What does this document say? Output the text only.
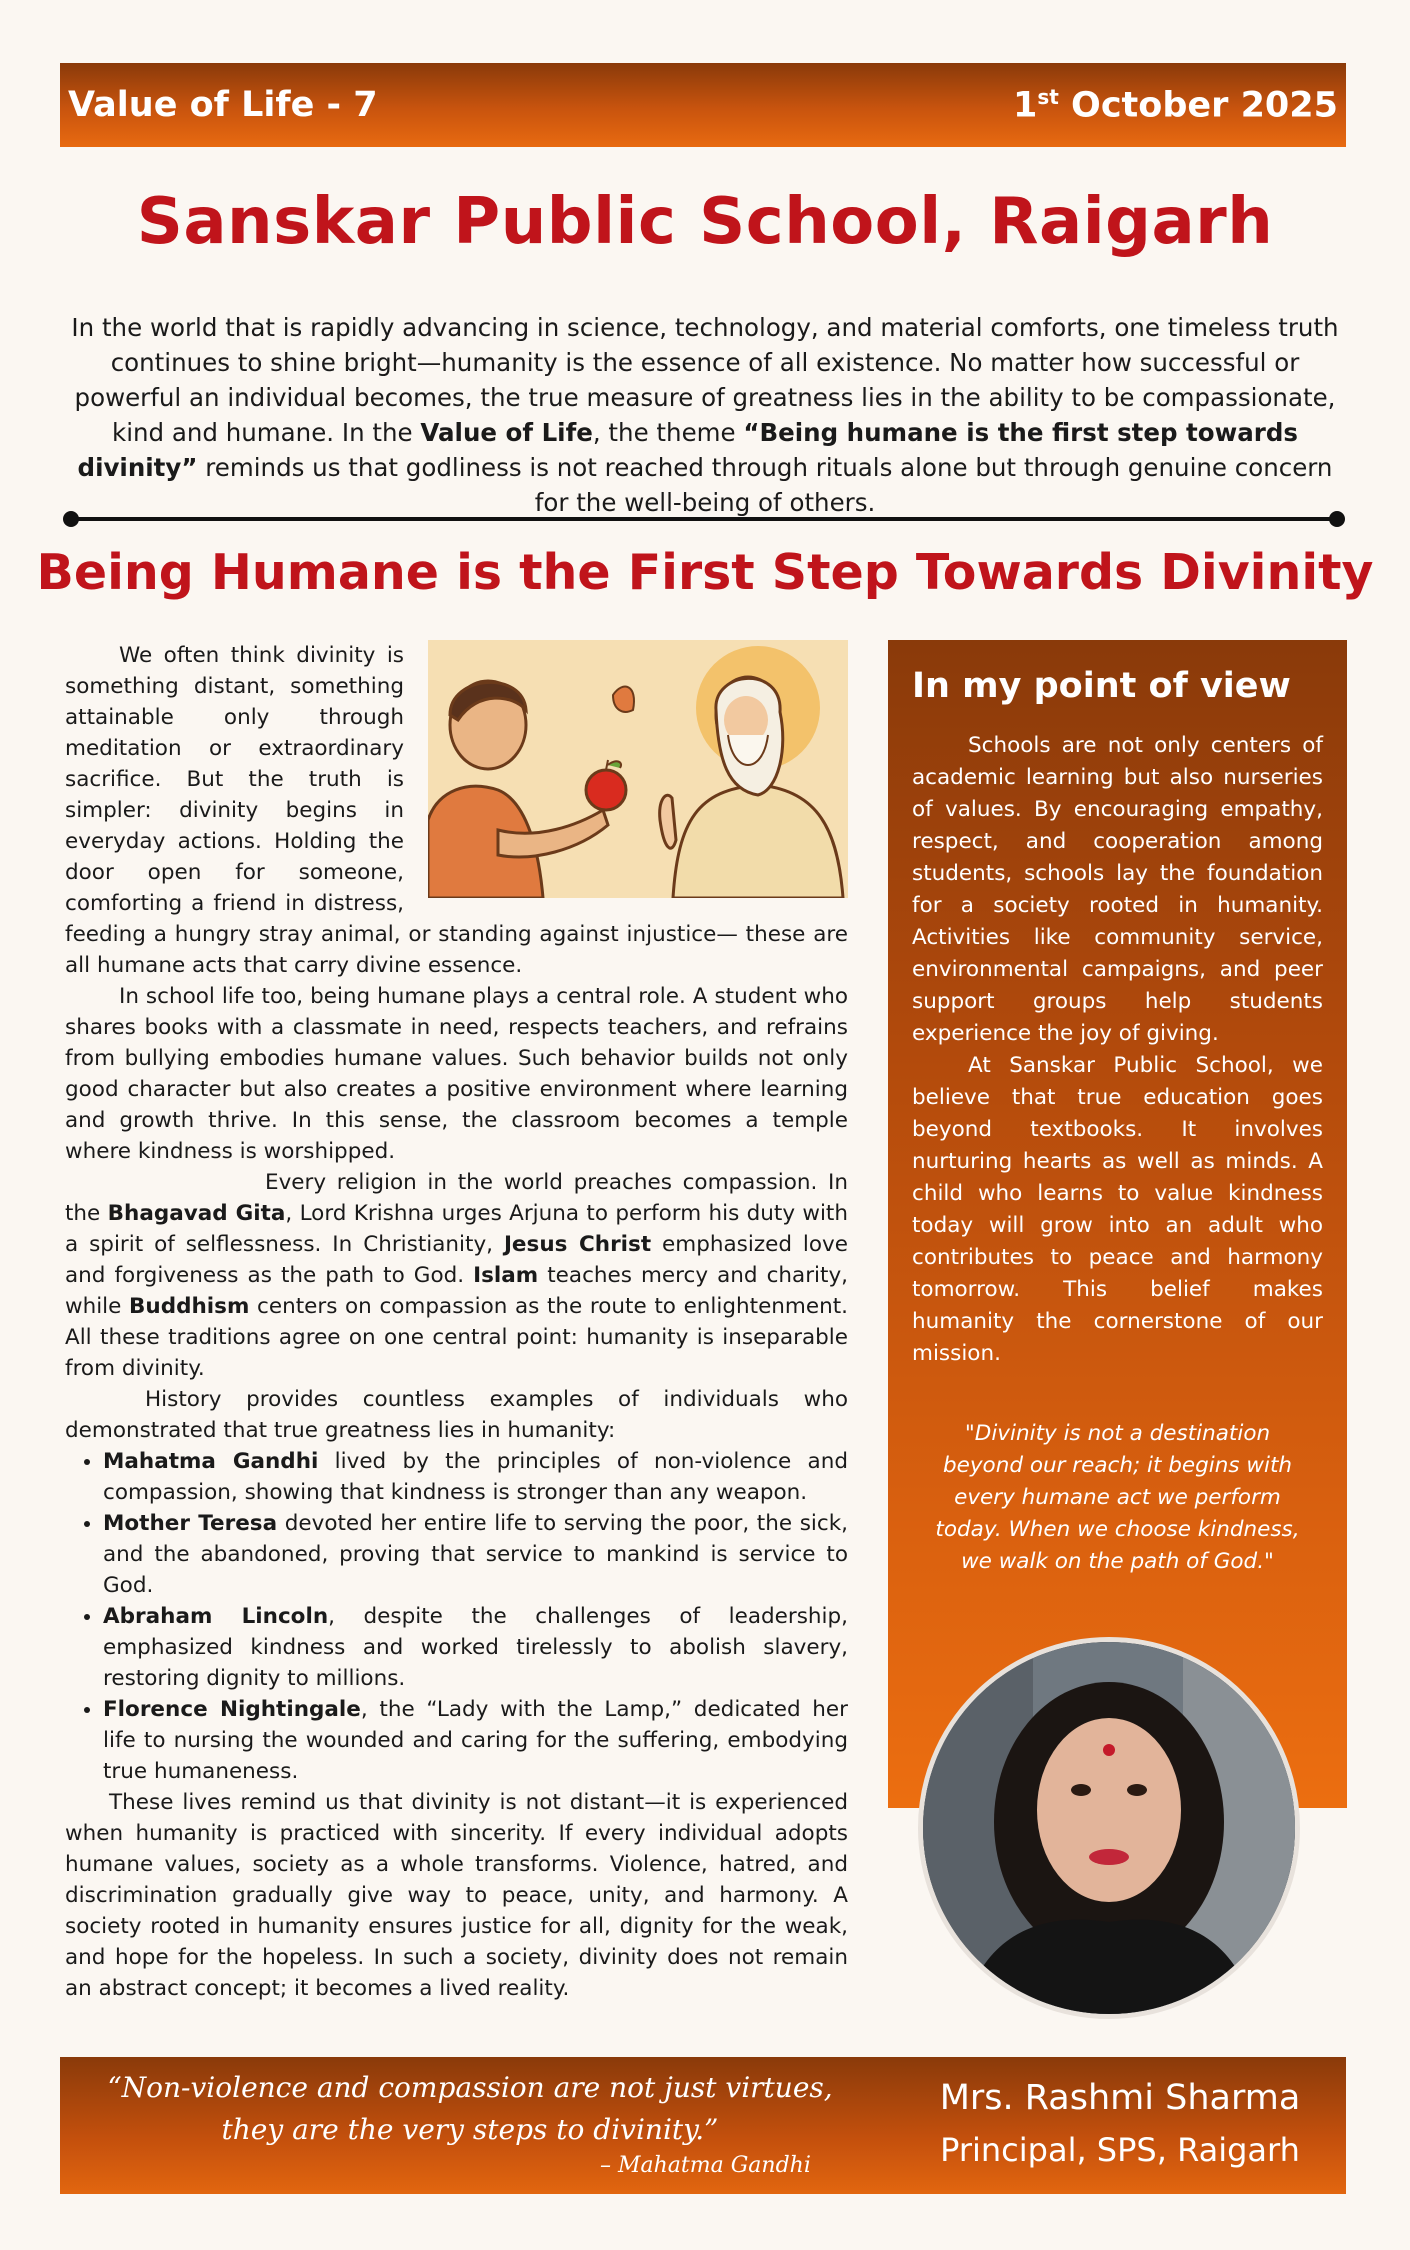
Value of Life - 7	1st October 2025
Sanskar Public School, Raigarh
In the world that is rapidly advancing in science, technology, and material comforts, one timeless truth continues to shine bright—humanity is the essence of all existence. No matter how successful or powerful an individual becomes, the true measure of greatness lies in the ability to be compassionate, kind and humane. In the Value of Life, the theme “Being humane is the first step towards divinity” reminds us that godliness is not reached through rituals alone but through genuine concern for the well-being of others.
Being Humane is the First Step Towards Divinity

We often think divinity is something distant, something attainable only through meditation or extraordinary sacrifice. But the truth is simpler: divinity begins in everyday actions. Holding the door open for someone, comforting a friend in distress, feeding a hungry stray animal, or standing against injustice— these are all humane acts that carry divine essence.

In school life too, being humane plays a central role. A student who shares books with a classmate in need, respects teachers, and refrains from bullying embodies humane values. Such behavior builds not only good character but also creates a positive environment where learning and growth thrive. In this sense, the classroom becomes a temple where kindness is worshipped.

Every religion in the world preaches compassion. In the Bhagavad Gita, Lord Krishna urges Arjuna to perform his duty with a spirit of selflessness. In Christianity, Jesus Christ emphasized love and forgiveness as the path to God. Islam teaches mercy and charity, while Buddhism centers on compassion as the route to enlightenment. All these traditions agree on one central point: humanity is inseparable from divinity.

History provides countless examples of individuals who demonstrated that true greatness lies in humanity:

• Mahatma Gandhi lived by the principles of non-violence and compassion, showing that kindness is stronger than any weapon.
• Mother Teresa devoted her entire life to serving the poor, the sick, and the abandoned, proving that service to mankind is service to God.
• Abraham Lincoln, despite the challenges of leadership, emphasized kindness and worked tirelessly to abolish slavery, restoring dignity to millions.
• Florence Nightingale, the “Lady with the Lamp,” dedicated her life to nursing the wounded and caring for the suffering, embodying true humaneness.

These lives remind us that divinity is not distant—it is experienced when humanity is practiced with sincerity. If every individual adopts humane values, society as a whole transforms. Violence, hatred, and discrimination gradually give way to peace, unity, and harmony. A society rooted in humanity ensures justice for all, dignity for the weak, and hope for the hopeless. In such a society, divinity does not remain an abstract concept; it becomes a lived reality.

In my point of view

Schools are not only centers of academic learning but also nurseries of values. By encouraging empathy, respect, and cooperation among students, schools lay the foundation for a society rooted in humanity. Activities like community service, environmental campaigns, and peer support groups help students experience the joy of giving.

At Sanskar Public School, we believe that true education goes beyond textbooks. It involves nurturing hearts as well as minds. A child who learns to value kindness today will grow into an adult who contributes to peace and harmony tomorrow. This belief makes humanity the cornerstone of our mission.

"Divinity is not a destination beyond our reach; it begins with every humane act we perform today. When we choose kindness, we walk on the path of God."
“Non-violence and compassion are not just virtues, they are the very steps to divinity.”
– Mahatma Gandhi
Mrs. Rashmi Sharma
Principal, SPS, Raigarh
